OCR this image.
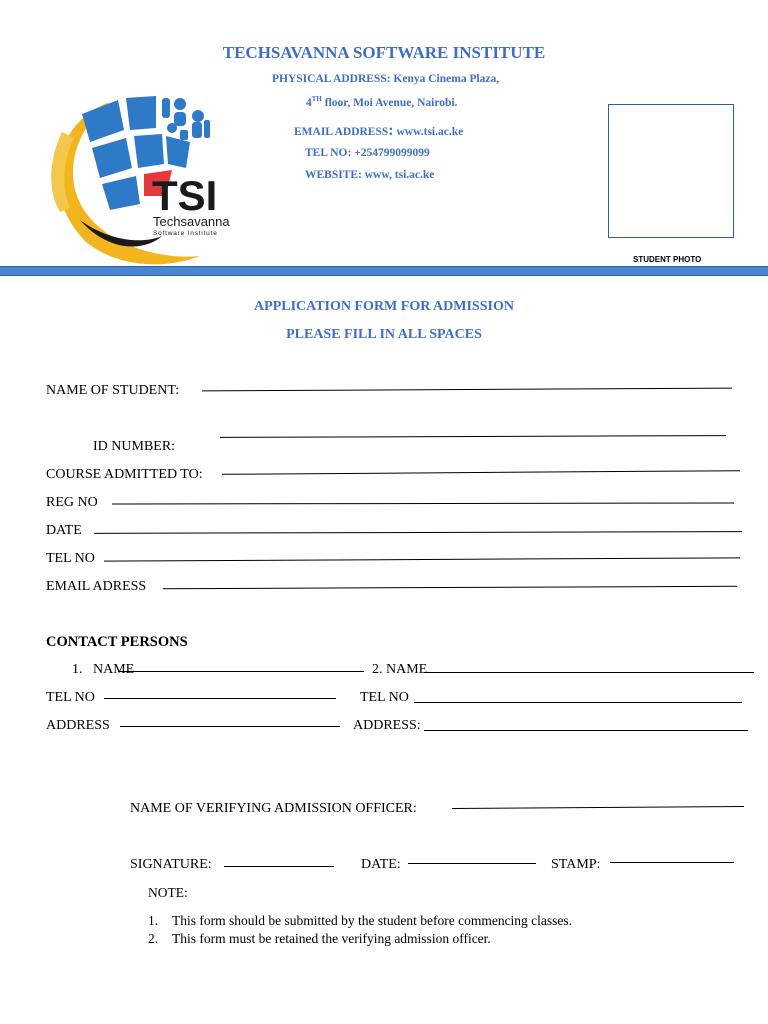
TECHSAVANNA SOFTWARE INSTITUTE
PHYSICAL ADDRESS: Kenya Cinema Plaza,
4TH floor, Moi Avenue, Nairobi.
EMAIL ADDRESS: www.tsi.ac.ke
TEL NO: +254799099099
WEBSITE: www, tsi.ac.ke
TSI
Techsavanna
Software Institute
STUDENT PHOTO
APPLICATION FORM FOR ADMISSION
PLEASE FILL IN ALL SPACES
NAME OF STUDENT:
ID NUMBER:
COURSE ADMITTED TO:
REG NO
DATE
TEL NO
EMAIL ADRESS
CONTACT PERSONS
1. NAME	2. NAME
TEL NO	TEL NO
ADDRESS	ADDRESS:
NAME OF VERIFYING ADMISSION OFFICER:
SIGNATURE:	DATE:	STAMP:
NOTE:
1. This form should be submitted by the student before commencing classes.
2. This form must be retained the verifying admission officer.
